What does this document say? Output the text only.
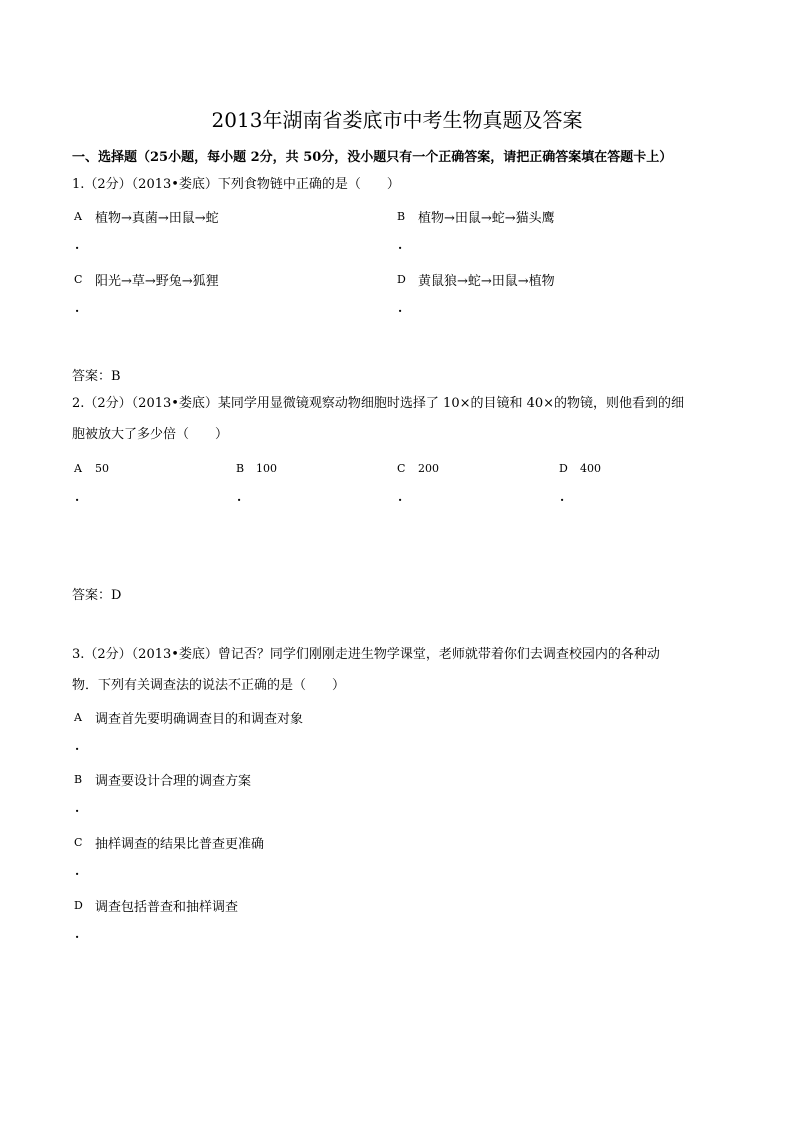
2013年湖南省娄底市中考生物真题及答案
一、选择题（25小题，每小题 2分，共 50分，没小题只有一个正确答案，请把正确答案填在答题卡上）
1.（2分）（2013•娄底）下列食物链中正确的是（　　）
A 植物→真菌→田鼠→蛇
.
B 植物→田鼠→蛇→猫头鹰
.
C 阳光→草→野兔→狐狸
.
D 黄鼠狼→蛇→田鼠→植物
.
答案：B
2.（2分）（2013•娄底）某同学用显微镜观察动物细胞时选择了 10×的目镜和 40×的物镜，则他看到的细
胞被放大了多少倍（　　）
A 50
.
B 100
.
C 200
.
D 400
.
答案：D
3.（2分）（2013•娄底）曾记否？同学们刚刚走进生物学课堂，老师就带着你们去调查校园内的各种动
物．下列有关调查法的说法不正确的是（　　）
A 调查首先要明确调查目的和调查对象
.
B 调查要设计合理的调查方案
.
C 抽样调查的结果比普查更准确
.
D 调查包括普查和抽样调查
.
